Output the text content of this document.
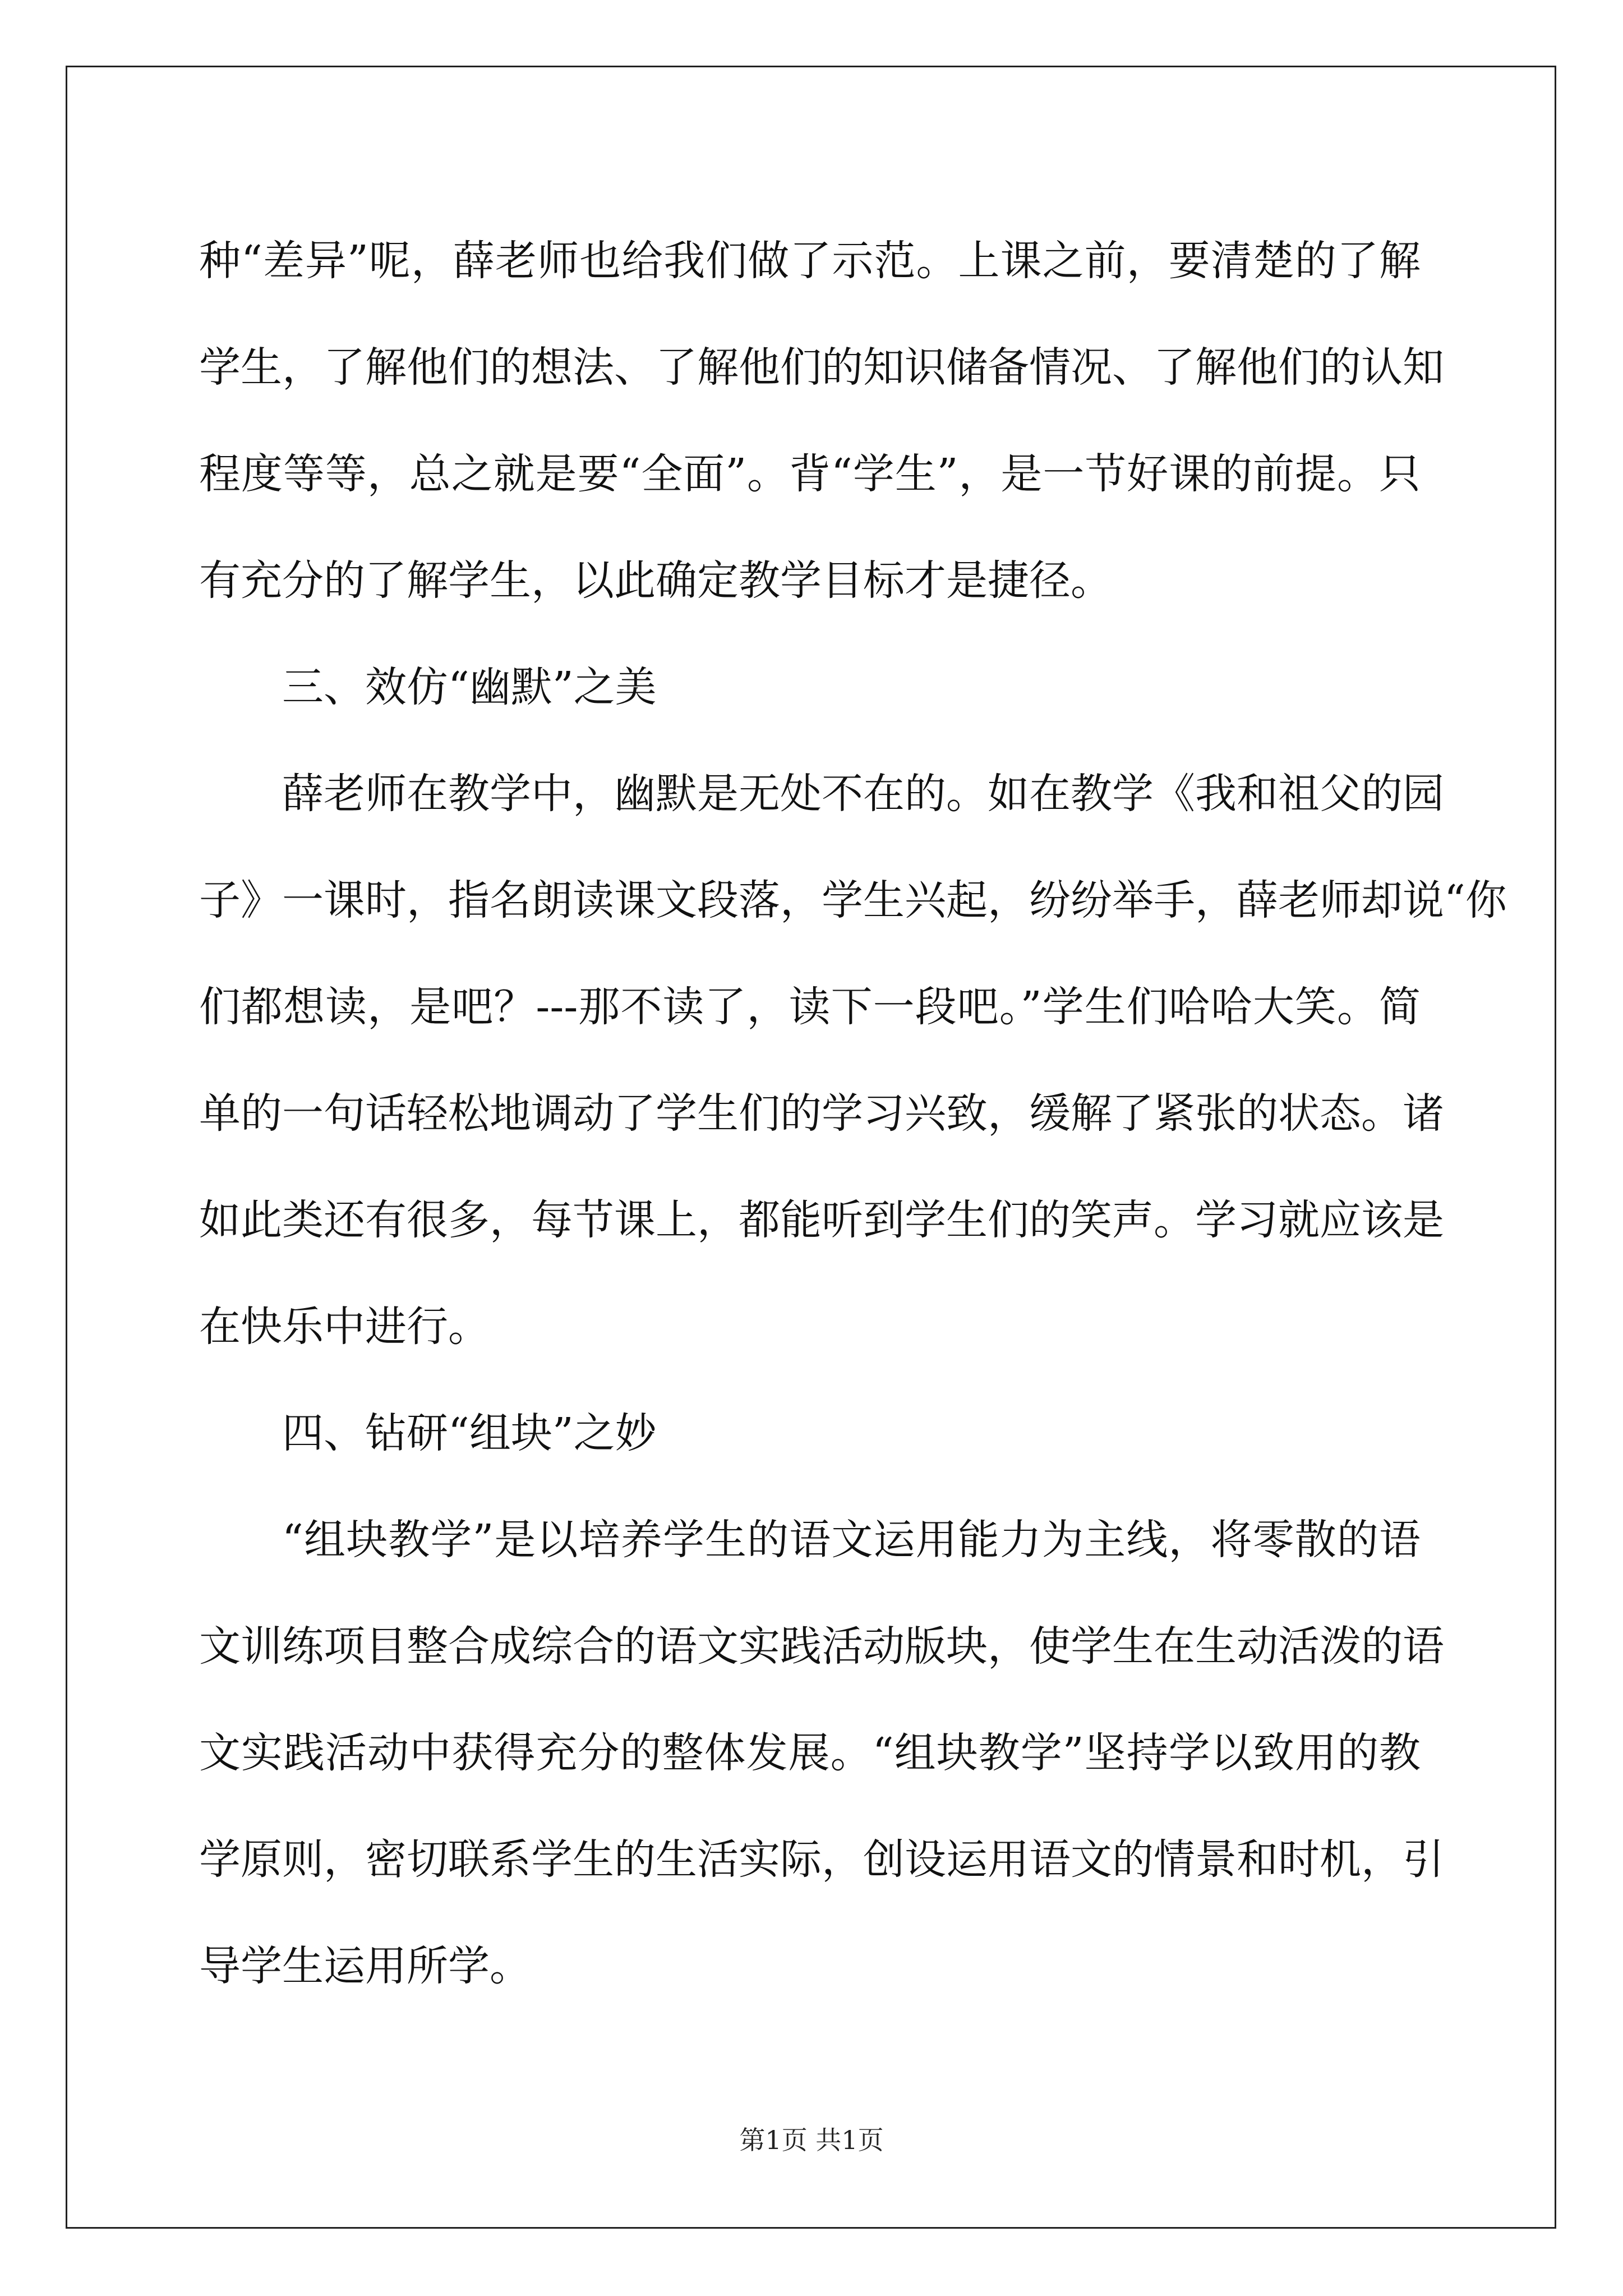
种“差异”呢，薛老师也给我们做了示范。上课之前，要清楚的了解
学生，了解他们的想法、了解他们的知识储备情况、了解他们的认知
程度等等，总之就是要“全面”。背“学生”，是一节好课的前提。只
有充分的了解学生，以此确定教学目标才是捷径。
三、效仿“幽默”之美
薛老师在教学中，幽默是无处不在的。如在教学《我和祖父的园
子》一课时，指名朗读课文段落，学生兴起，纷纷举手，薛老师却说“你
们都想读，是吧？---那不读了，读下一段吧。”学生们哈哈大笑。简
单的一句话轻松地调动了学生们的学习兴致，缓解了紧张的状态。诸
如此类还有很多，每节课上，都能听到学生们的笑声。学习就应该是
在快乐中进行。
四、钻研“组块”之妙
“组块教学”是以培养学生的语文运用能力为主线，将零散的语
文训练项目整合成综合的语文实践活动版块，使学生在生动活泼的语
文实践活动中获得充分的整体发展。“组块教学”坚持学以致用的教
学原则，密切联系学生的生活实际，创设运用语文的情景和时机，引
导学生运用所学。
第1页 共1页
